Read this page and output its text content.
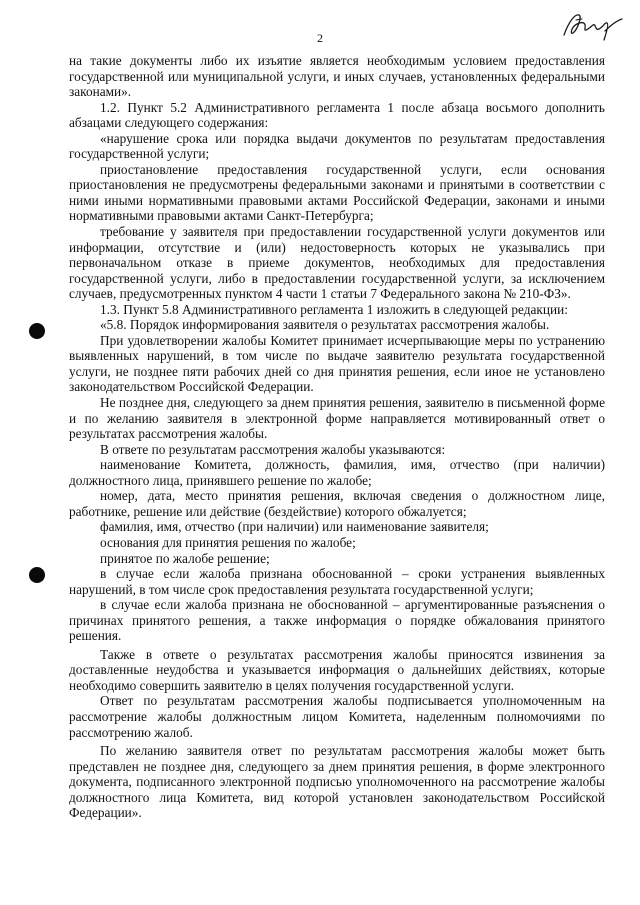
2

на такие документы либо их изъятие является необходимым условием предоставления государственной или муниципальной услуги, и иных случаев, установленных федеральными законами».

1.2. Пункт 5.2 Административного регламента 1 после абзаца восьмого дополнить абзацами следующего содержания:

«нарушение срока или порядка выдачи документов по результатам предоставления государственной услуги;

приостановление предоставления государственной услуги, если основания приостановления не предусмотрены федеральными законами и принятыми в соответствии с ними иными нормативными правовыми актами Российской Федерации, законами и иными нормативными правовыми актами Санкт-Петербурга;

требование у заявителя при предоставлении государственной услуги документов или информации, отсутствие и (или) недостоверность которых не указывались при первоначальном отказе в приеме документов, необходимых для предоставления государственной услуги, либо в предоставлении государственной услуги, за исключением случаев, предусмотренных пунктом 4 части 1 статьи 7 Федерального закона № 210-ФЗ».

1.3. Пункт 5.8 Административного регламента 1 изложить в следующей редакции:

«5.8. Порядок информирования заявителя о результатах рассмотрения жалобы.

При удовлетворении жалобы Комитет принимает исчерпывающие меры по устранению выявленных нарушений, в том числе по выдаче заявителю результата государственной услуги, не позднее пяти рабочих дней со дня принятия решения, если иное не установлено законодательством Российской Федерации.

Не позднее дня, следующего за днем принятия решения, заявителю в письменной форме и по желанию заявителя в электронной форме направляется мотивированный ответ о результатах рассмотрения жалобы.

В ответе по результатам рассмотрения жалобы указываются:

наименование Комитета, должность, фамилия, имя, отчество (при наличии) должностного лица, принявшего решение по жалобе;

номер, дата, место принятия решения, включая сведения о должностном лице, работнике, решение или действие (бездействие) которого обжалуется;

фамилия, имя, отчество (при наличии) или наименование заявителя;

основания для принятия решения по жалобе;

принятое по жалобе решение;

в случае если жалоба признана обоснованной – сроки устранения выявленных нарушений, в том числе срок предоставления результата государственной услуги;

в случае если жалоба признана не обоснованной – аргументированные разъяснения о причинах принятого решения, а также информация о порядке обжалования принятого решения.

Также в ответе о результатах рассмотрения жалобы приносятся извинения за доставленные неудобства и указывается информация о дальнейших действиях, которые необходимо совершить заявителю в целях получения государственной услуги.

Ответ по результатам рассмотрения жалобы подписывается уполномоченным на рассмотрение жалобы должностным лицом Комитета, наделенным полномочиями по рассмотрению жалоб.

По желанию заявителя ответ по результатам рассмотрения жалобы может быть представлен не позднее дня, следующего за днем принятия решения, в форме электронного документа, подписанного электронной подписью уполномоченного на рассмотрение жалобы должностного лица Комитета, вид которой установлен законодательством Российской Федерации».
